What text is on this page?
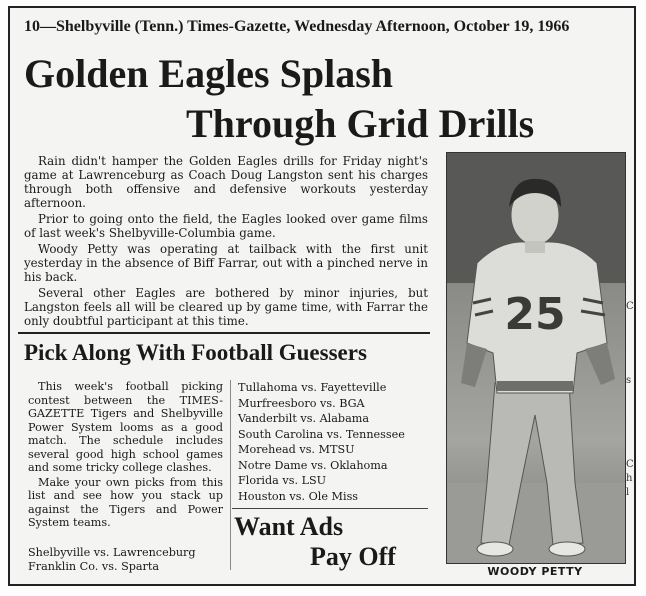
10—Shelbyville (Tenn.) Times-Gazette, Wednesday Afternoon, October 19, 1966
Golden Eagles Splash
Through Grid Drills

Rain didn't hamper the Golden Eagles drills for Friday night's game at Lawrenceburg as Coach Doug Langston sent his charges through both offensive and defensive workouts yesterday afternoon.

Prior to going onto the field, the Eagles looked over game films of last week's Shelbyville-Columbia game.

Woody Petty was operating at tailback with the first unit yesterday in the absence of Biff Farrar, out with a pinched nerve in his back.

Several other Eagles are bothered by minor injuries, but Langston feels all will be cleared up by game time, with Farrar the only doubtful participant at this time.

Pick Along With Football Guessers

This week's football picking contest between the TIMES-GAZETTE Tigers and Shelbyville Power System looms as a good match. The schedule includes several good high school games and some tricky college clashes.

Make your own picks from this list and see how you stack up against the Tigers and Power System teams.

Shelbyville vs. Lawrenceburg
Franklin Co. vs. Sparta
Tullahoma vs. Fayetteville
Murfreesboro vs. BGA
Vanderbilt vs. Alabama
South Carolina vs. Tennessee
Morehead vs. MTSU
Notre Dame vs. Oklahoma
Florida vs. LSU
Houston vs. Ole Miss
Want Ads
Pay Off
25
WOODY PETTY
C
s
C
h
l
